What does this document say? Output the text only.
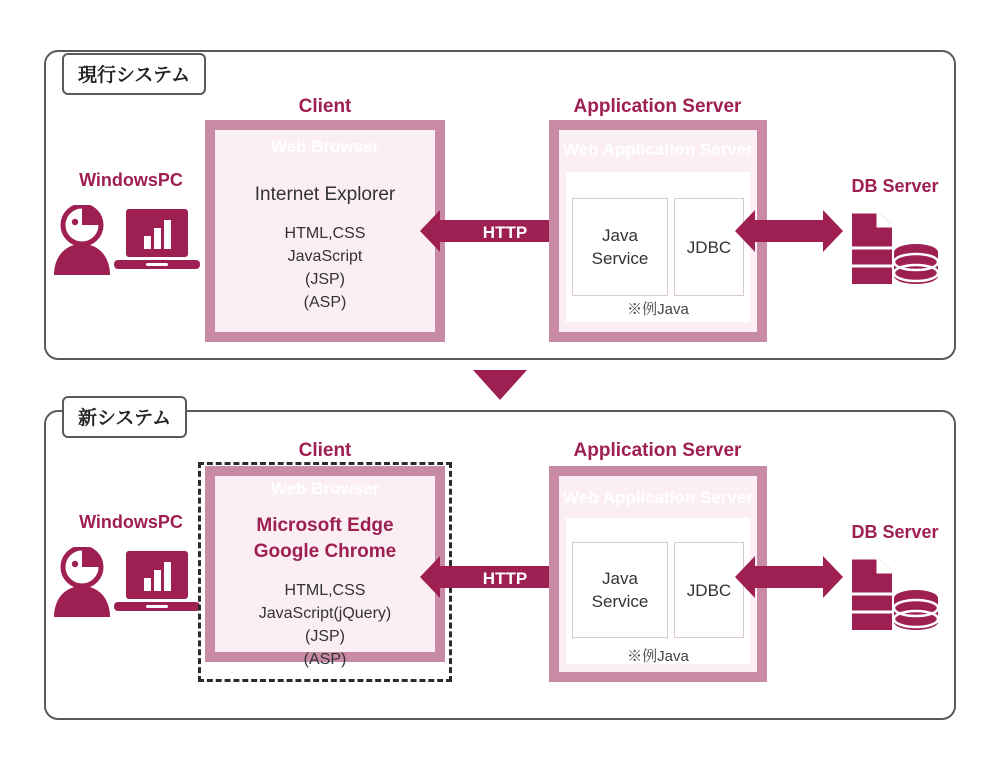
現行システム
WindowsPC
Client
Web Browser
Internet Explorer
HTML,CSS
JavaScript
(JSP)
(ASP)
HTTP
Application Server
Web Application Server
Java
Service
JDBC
※例Java
DB Server
新システム
WindowsPC
Client
Web Browser
Microsoft Edge
Google Chrome
HTML,CSS
JavaScript(jQuery)
(JSP)
(ASP)
HTTP
Application Server
Web Application Server
Java
Service
JDBC
※例Java
DB Server
